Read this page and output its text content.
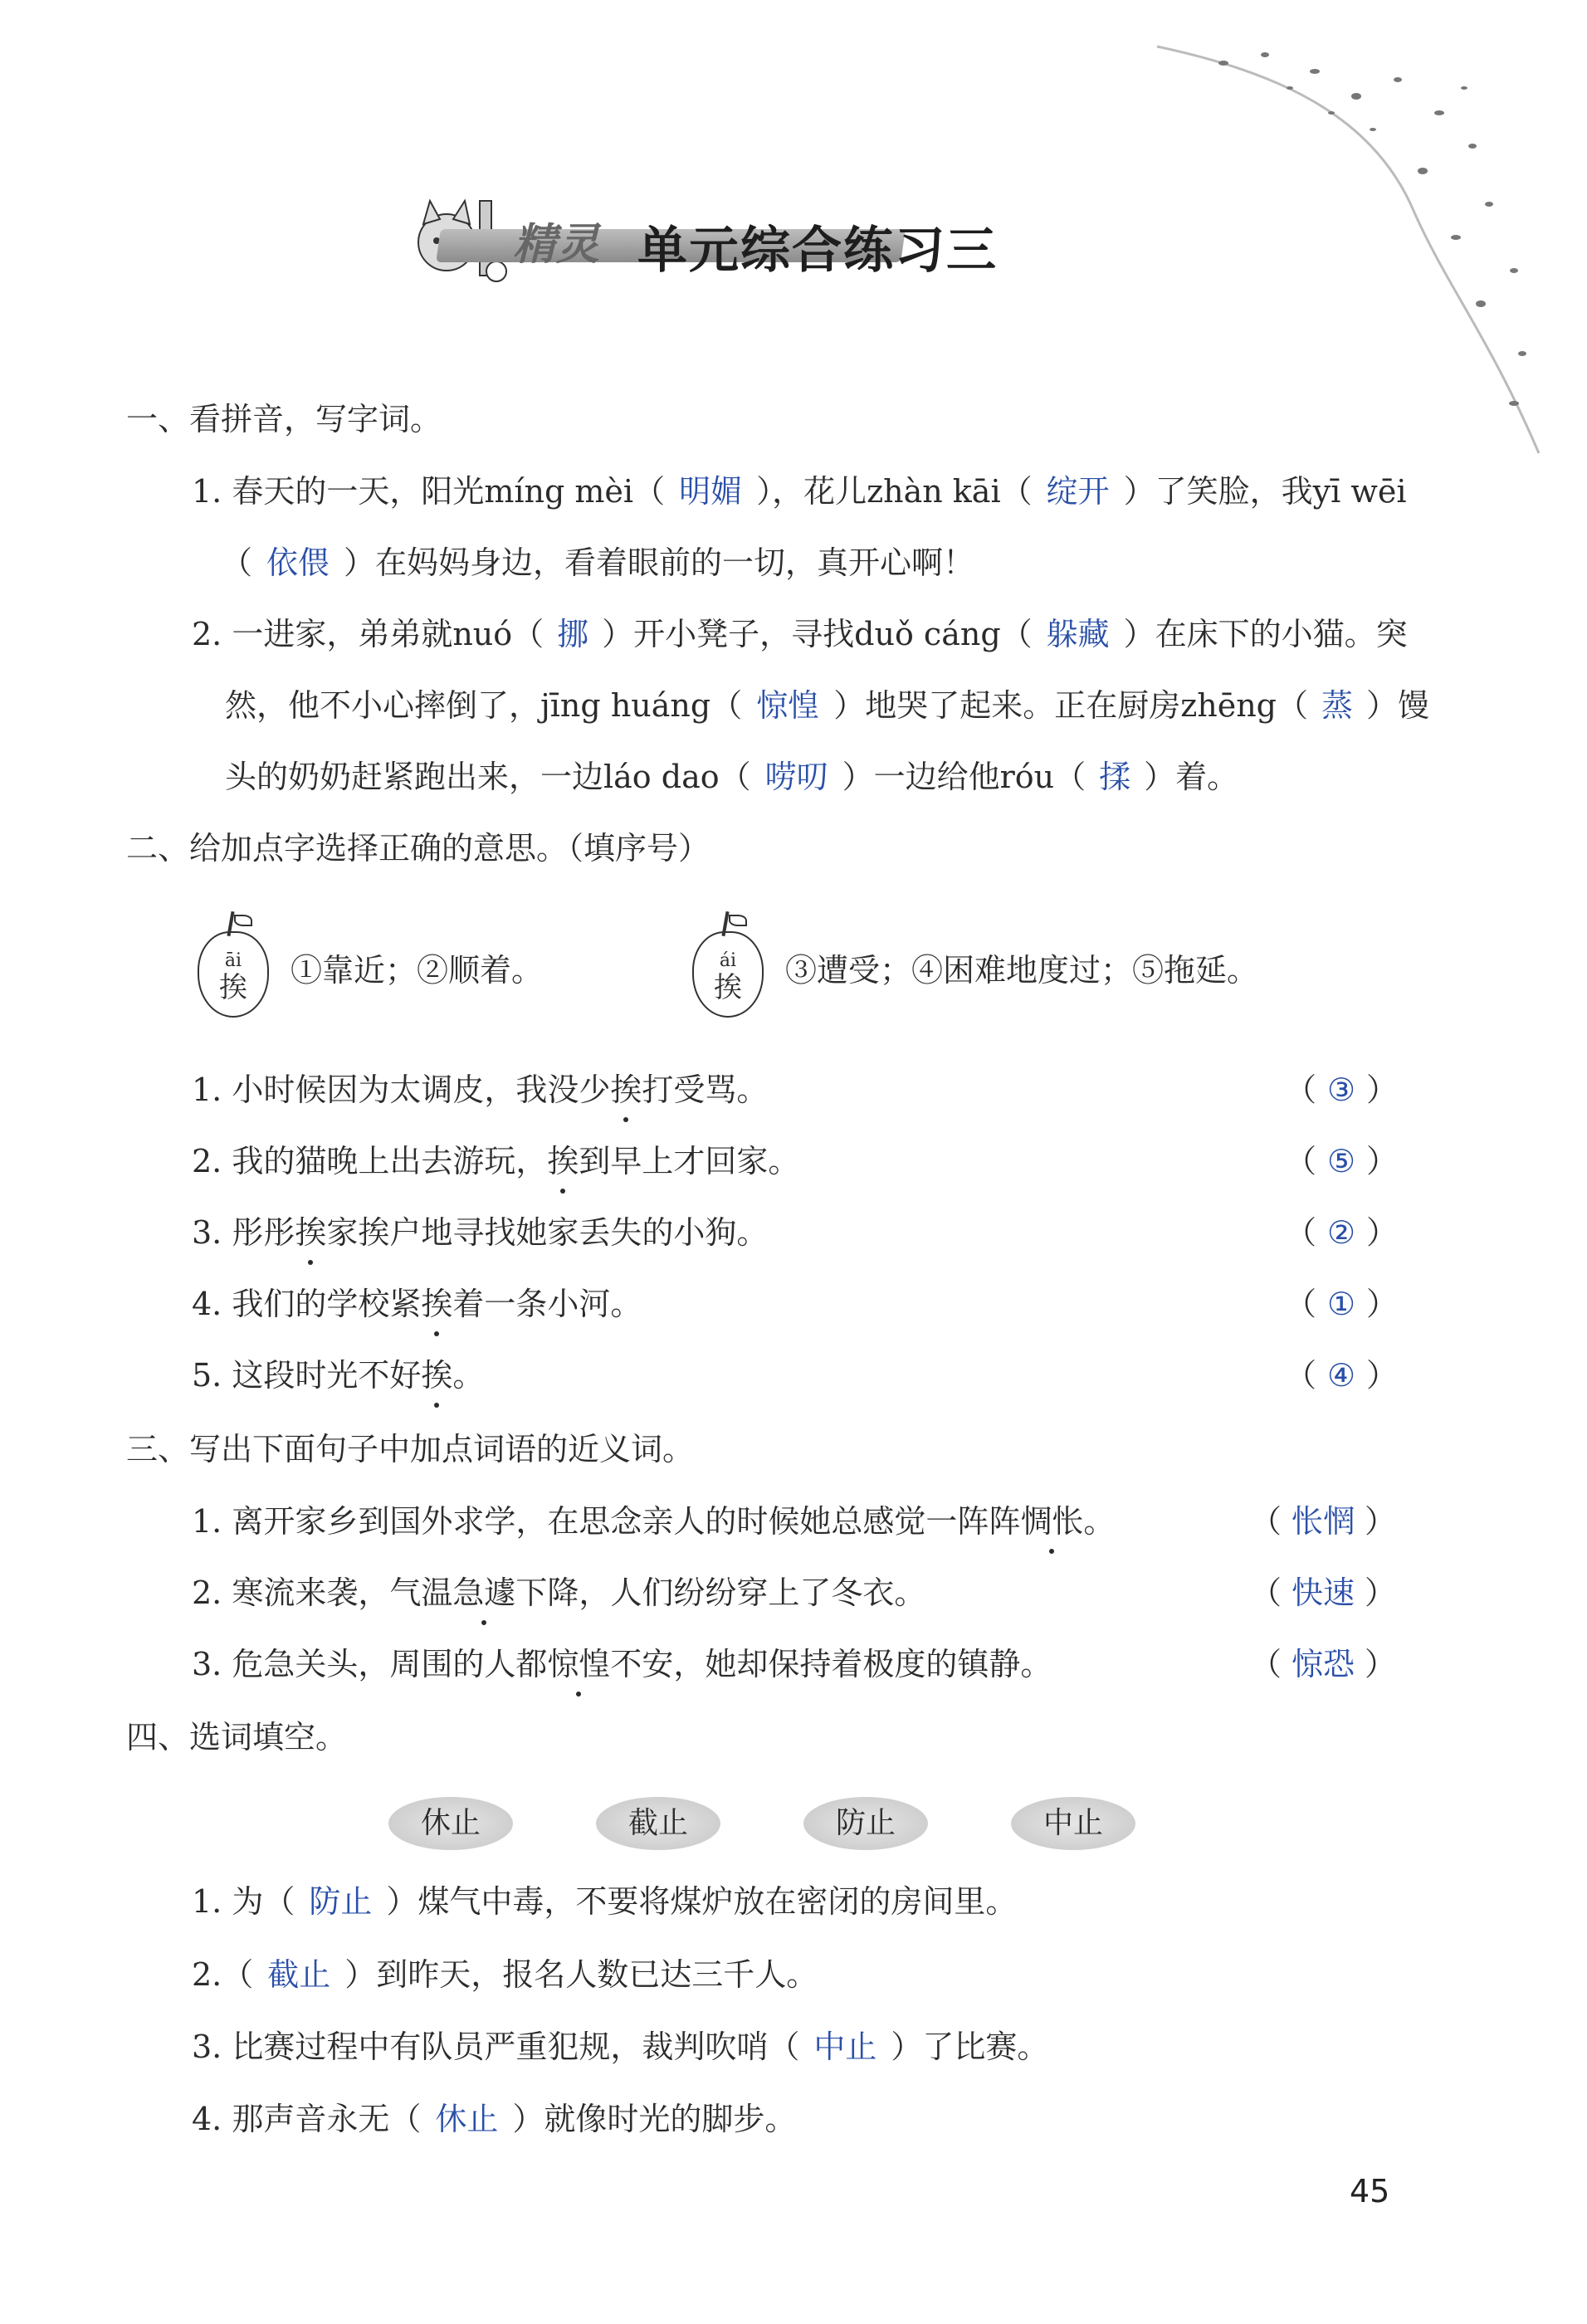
精灵 单元综合练习三
一、看拼音，写字词。
1. 春天的一天，阳光míng mèi（ 明媚 ），花儿zhàn kāi（ 绽开 ）了笑脸，我yī wēi
（ 依偎 ）在妈妈身边，看着眼前的一切，真开心啊！
2. 一进家，弟弟就nuó（ 挪 ）开小凳子，寻找duǒ cáng（ 躲藏 ）在床下的小猫。突
然，他不小心摔倒了，jīng huáng（ 惊惶 ）地哭了起来。正在厨房zhēng（ 蒸 ）馒
头的奶奶赶紧跑出来，一边láo dao（ 唠叨 ）一边给他róu（ 揉 ）着。
二、给加点字选择正确的意思。（填序号）
āi
挨	①靠近；②顺着。	ái
挨	③遭受；④困难地度过；⑤拖延。
1. 小时候因为太调皮，我没少挨打受骂。	（ ③ ）
2. 我的猫晚上出去游玩，挨到早上才回家。	（ ⑤ ）
3. 彤彤挨家挨户地寻找她家丢失的小狗。	（ ② ）
4. 我们的学校紧挨着一条小河。	（ ① ）
5. 这段时光不好挨。	（ ④ ）
三、写出下面句子中加点词语的近义词。
1. 离开家乡到国外求学，在思念亲人的时候她总感觉一阵阵惆怅。	（ 怅惘 ）
2. 寒流来袭，气温急遽下降，人们纷纷穿上了冬衣。	（ 快速 ）
3. 危急关头，周围的人都惊惶不安，她却保持着极度的镇静。	（ 惊恐 ）
四、选词填空。
休止	截止	防止	中止
1. 为（ 防止 ）煤气中毒，不要将煤炉放在密闭的房间里。
2.（ 截止 ）到昨天，报名人数已达三千人。
3. 比赛过程中有队员严重犯规，裁判吹哨（ 中止 ）了比赛。
4. 那声音永无（ 休止 ）就像时光的脚步。
45
